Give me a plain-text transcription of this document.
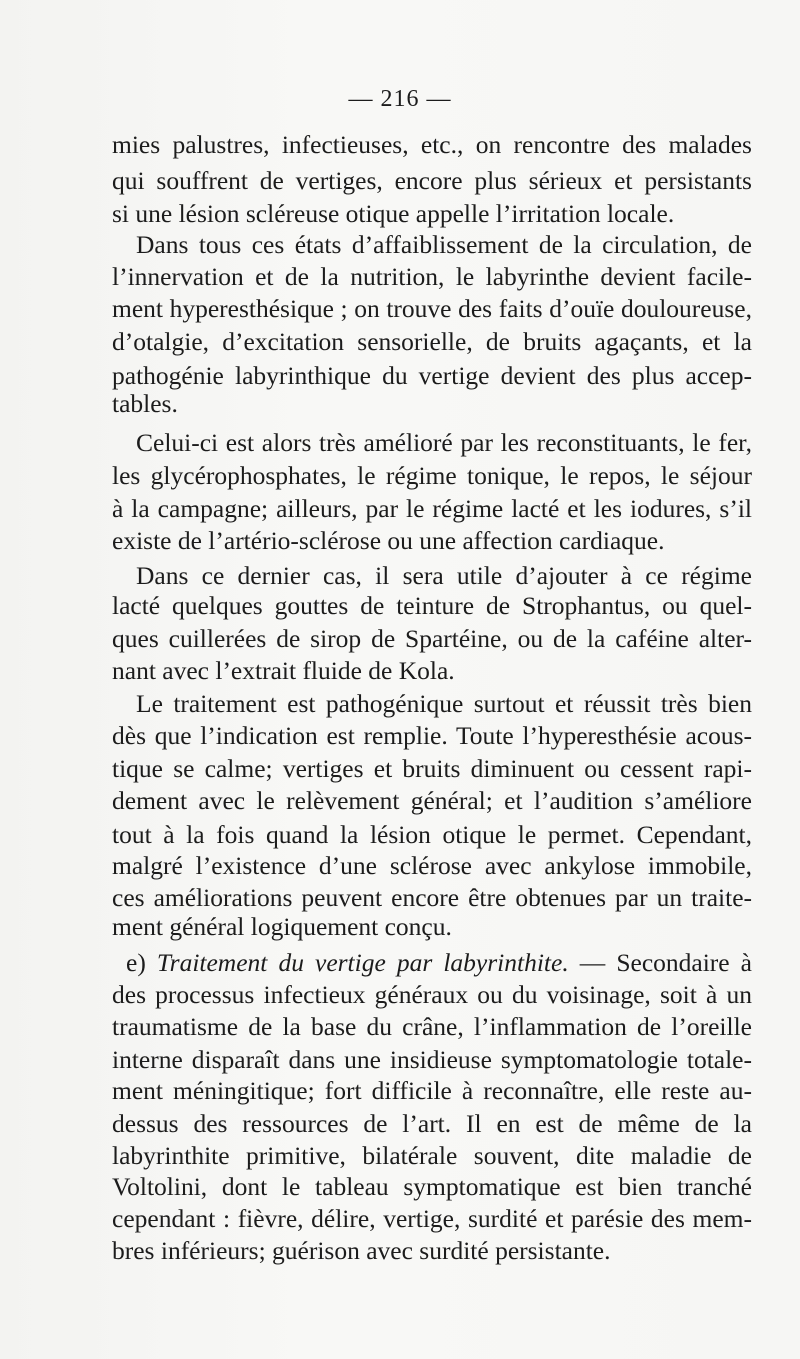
— 216 —
mies palustres, infectieuses, etc., on rencontre des malades
qui souffrent de vertiges, encore plus sérieux et persistants
si une lésion scléreuse otique appelle l’irritation locale.
Dans tous ces états d’affaiblissement de la circulation, de
l’innervation et de la nutrition, le labyrinthe devient facile-
ment hyperesthésique ; on trouve des faits d’ouïe douloureuse,
d’otalgie, d’excitation sensorielle, de bruits agaçants, et la
pathogénie labyrinthique du vertige devient des plus accep-
tables.
Celui-ci est alors très amélioré par les reconstituants, le fer,
les glycérophosphates, le régime tonique, le repos, le séjour
à la campagne; ailleurs, par le régime lacté et les iodures, s’il
existe de l’artério-sclérose ou une affection cardiaque.
Dans ce dernier cas, il sera utile d’ajouter à ce régime
lacté quelques gouttes de teinture de Strophantus, ou quel-
ques cuillerées de sirop de Spartéine, ou de la caféine alter-
nant avec l’extrait fluide de Kola.
Le traitement est pathogénique surtout et réussit très bien
dès que l’indication est remplie. Toute l’hyperesthésie acous-
tique se calme; vertiges et bruits diminuent ou cessent rapi-
dement avec le relèvement général; et l’audition s’améliore
tout à la fois quand la lésion otique le permet. Cependant,
malgré l’existence d’une sclérose avec ankylose immobile,
ces améliorations peuvent encore être obtenues par un traite-
ment général logiquement conçu.
e) Traitement du vertige par labyrinthite. — Secondaire à
des processus infectieux généraux ou du voisinage, soit à un
traumatisme de la base du crâne, l’inflammation de l’oreille
interne disparaît dans une insidieuse symptomatologie totale-
ment méningitique; fort difficile à reconnaître, elle reste au-
dessus des ressources de l’art. Il en est de même de la
labyrinthite primitive, bilatérale souvent, dite maladie de
Voltolini, dont le tableau symptomatique est bien tranché
cependant : fièvre, délire, vertige, surdité et parésie des mem-
bres inférieurs; guérison avec surdité persistante.
